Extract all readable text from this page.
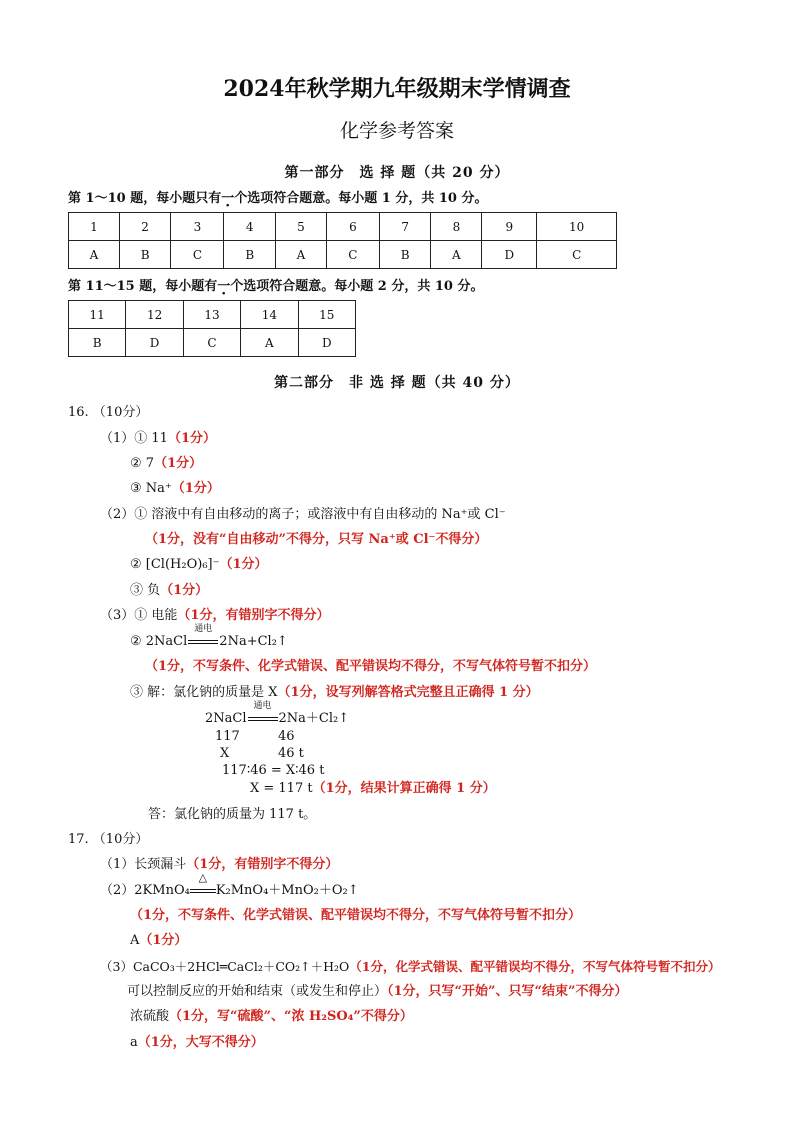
2024年秋学期九年级期末学情调查
化学参考答案
第一部分　选 择 题（共 20 分）
第 1～10 题，每小题只有一个选项符合题意。每小题 1 分，共 10 分。
1	2	3	4	5	6	7	8	9	10
A	B	C	B	A	C	B	A	D	C
第 11～15 题，每小题有一个选项符合题意。每小题 2 分，共 10 分。
11	12	13	14	15
B	D	C	A	D
第二部分　非 选 择 题（共 40 分）
16. （10分）
（1）① 11（1分）
② 7（1分）
③ Na⁺（1分）
（2）① 溶液中有自由移动的离子；或溶液中有自由移动的 Na⁺或 Cl⁻
（1分，没有“自由移动”不得分，只写 Na⁺或 Cl⁻不得分）
② [Cl(H₂O)₆]⁻（1分）
③ 负（1分）
（3）① 电能（1分，有错别字不得分）
② 2NaCl
通电
2Na+Cl₂↑
（1分，不写条件、化学式错误、配平错误均不得分，不写气体符号暂不扣分）
③ 解：氯化钠的质量是 X（1分，设写列解答格式完整且正确得 1 分）
2NaCl
通电
2Na＋Cl₂↑
117	46
X	46 t
117∶46 = X∶46 t
X = 117 t（1分，结果计算正确得 1 分）
答：氯化钠的质量为 117 t。
17. （10分）
（1）长颈漏斗（1分，有错别字不得分）
（2）2KMnO₄
△
K₂MnO₄＋MnO₂＋O₂↑
（1分，不写条件、化学式错误、配平错误均不得分，不写气体符号暂不扣分）
A（1分）
（3）CaCO₃＋2HCl═CaCl₂＋CO₂↑＋H₂O（1分，化学式错误、配平错误均不得分，不写气体符号暂不扣分）
可以控制反应的开始和结束（或发生和停止）（1分，只写“开始”、只写“结束”不得分）
浓硫酸（1分，写“硫酸”、“浓 H₂SO₄”不得分）
a（1分，大写不得分）
